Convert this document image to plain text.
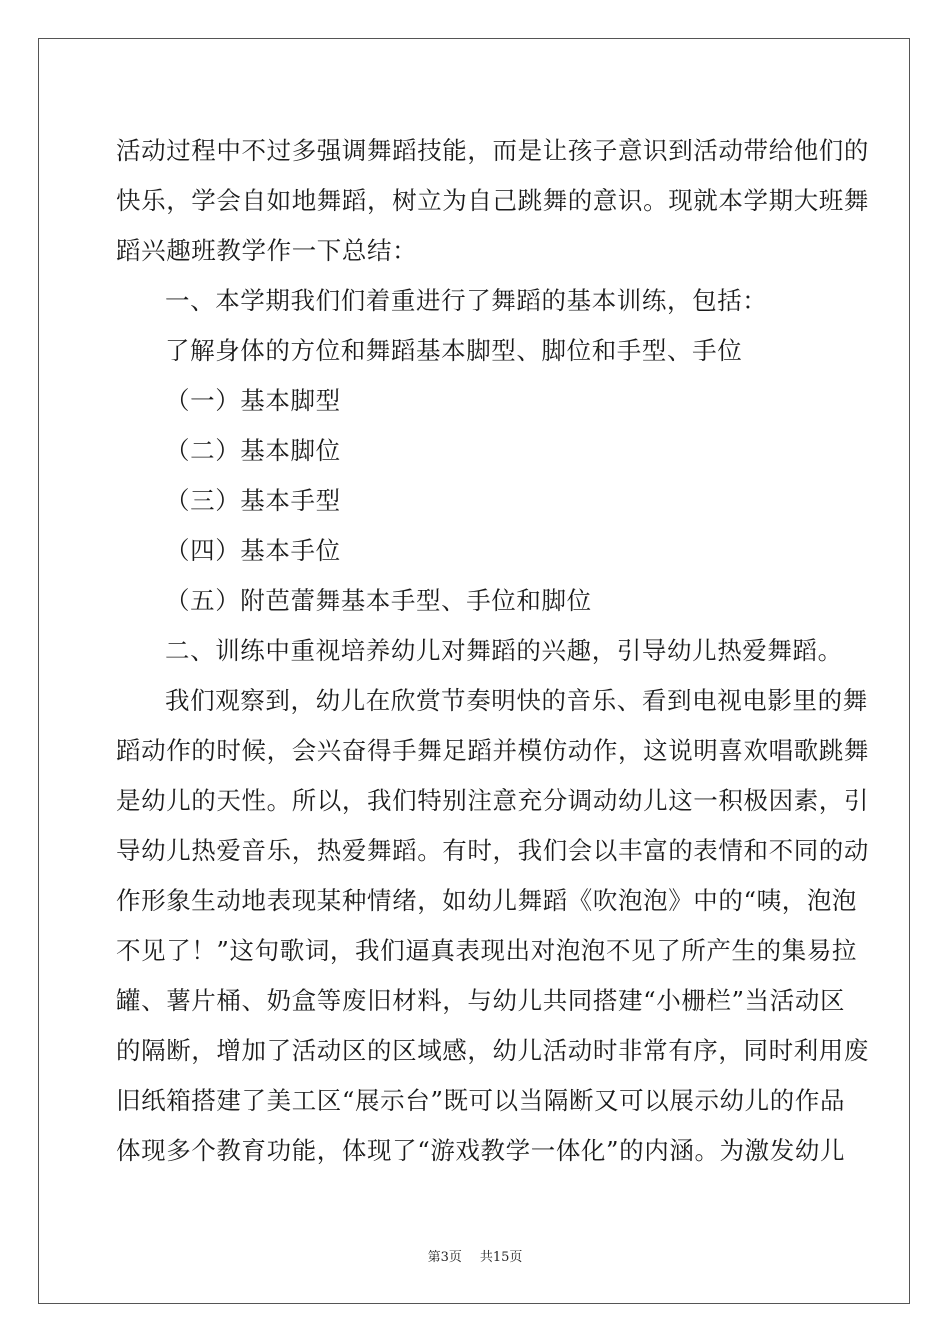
活动过程中不过多强调舞蹈技能，而是让孩子意识到活动带给他们的
快乐，学会自如地舞蹈，树立为自己跳舞的意识。现就本学期大班舞
蹈兴趣班教学作一下总结：
一、本学期我们们着重进行了舞蹈的基本训练，包括：
了解身体的方位和舞蹈基本脚型、脚位和手型、手位
（一）基本脚型
（二）基本脚位
（三）基本手型
（四）基本手位
（五）附芭蕾舞基本手型、手位和脚位
二、训练中重视培养幼儿对舞蹈的兴趣，引导幼儿热爱舞蹈。
我们观察到，幼儿在欣赏节奏明快的音乐、看到电视电影里的舞
蹈动作的时候，会兴奋得手舞足蹈并模仿动作，这说明喜欢唱歌跳舞
是幼儿的天性。所以，我们特别注意充分调动幼儿这一积极因素，引
导幼儿热爱音乐，热爱舞蹈。有时，我们会以丰富的表情和不同的动
作形象生动地表现某种情绪，如幼儿舞蹈《吹泡泡》中的“咦，泡泡
不见了！”这句歌词，我们逼真表现出对泡泡不见了所产生的集易拉
罐、薯片桶、奶盒等废旧材料，与幼儿共同搭建“小栅栏”当活动区
的隔断，增加了活动区的区域感，幼儿活动时非常有序，同时利用废
旧纸箱搭建了美工区“展示台”既可以当隔断又可以展示幼儿的作品
体现多个教育功能，体现了“游戏教学一体化”的内涵。为激发幼儿
第3页 共15页
